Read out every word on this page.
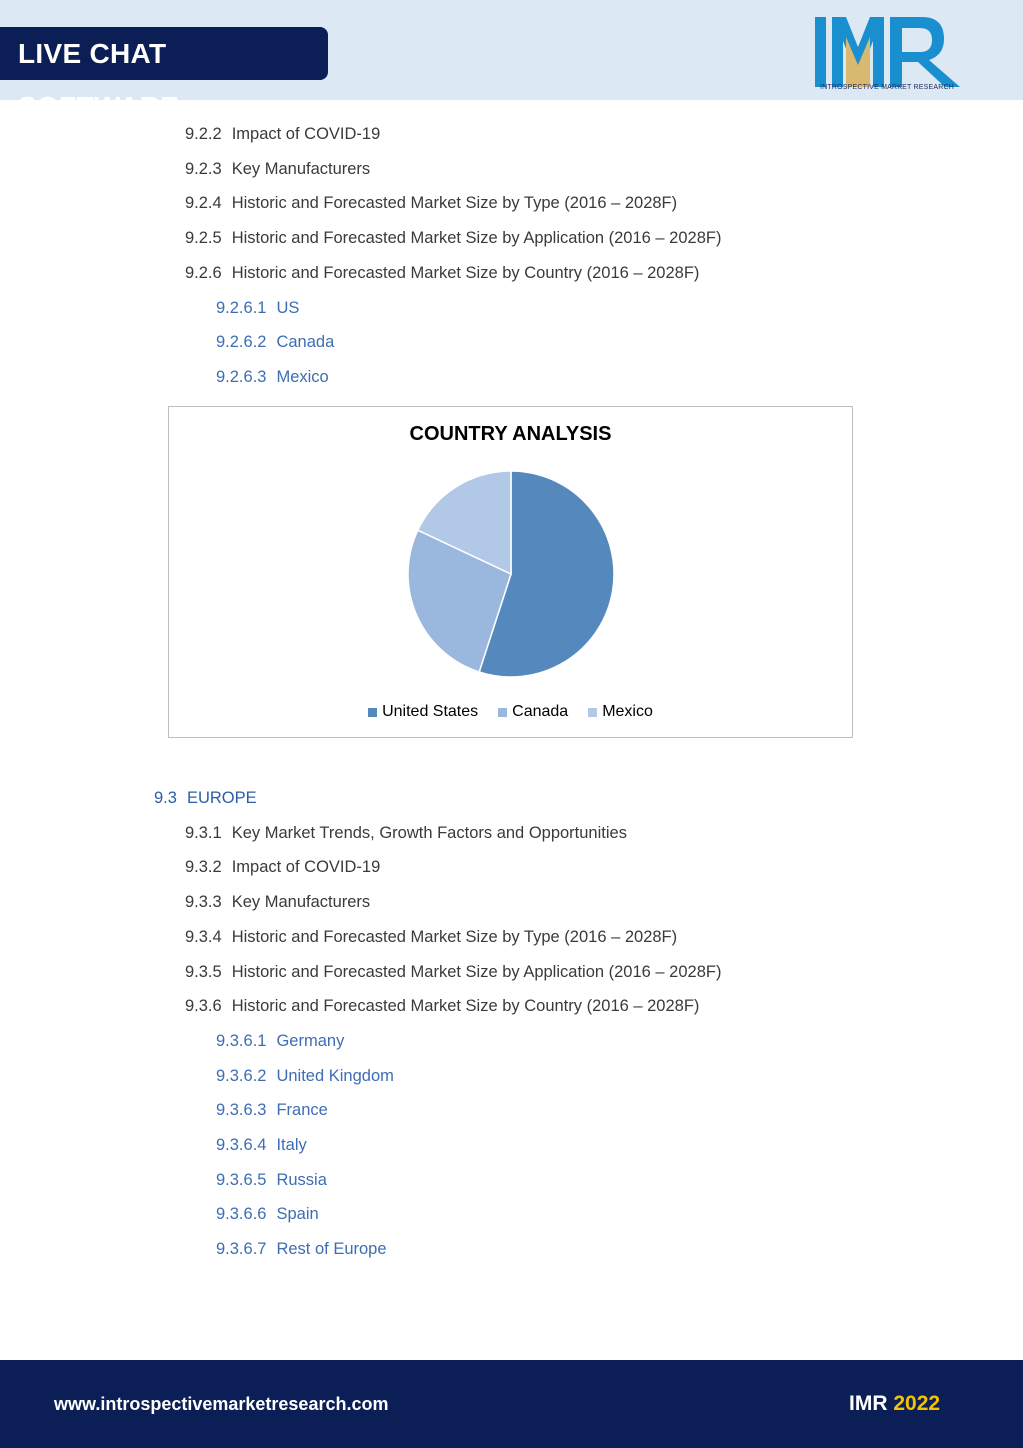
LIVE CHAT SOFTWARE
INTROSPECTIVE MARKET RESEARCH
9.2.2 Impact of COVID-19
9.2.3 Key Manufacturers
9.2.4 Historic and Forecasted Market Size by Type (2016 – 2028F)
9.2.5 Historic and Forecasted Market Size by Application (2016 – 2028F)
9.2.6 Historic and Forecasted Market Size by Country (2016 – 2028F)
9.2.6.1 US
9.2.6.2 Canada
9.2.6.3 Mexico
COUNTRY ANALYSIS
United States Canada Mexico
9.3 EUROPE
9.3.1 Key Market Trends, Growth Factors and Opportunities
9.3.2 Impact of COVID-19
9.3.3 Key Manufacturers
9.3.4 Historic and Forecasted Market Size by Type (2016 – 2028F)
9.3.5 Historic and Forecasted Market Size by Application (2016 – 2028F)
9.3.6 Historic and Forecasted Market Size by Country (2016 – 2028F)
9.3.6.1 Germany
9.3.6.2 United Kingdom
9.3.6.3 France
9.3.6.4 Italy
9.3.6.5 Russia
9.3.6.6 Spain
9.3.6.7 Rest of Europe
www.introspectivemarketresearch.com	IMR 2022
